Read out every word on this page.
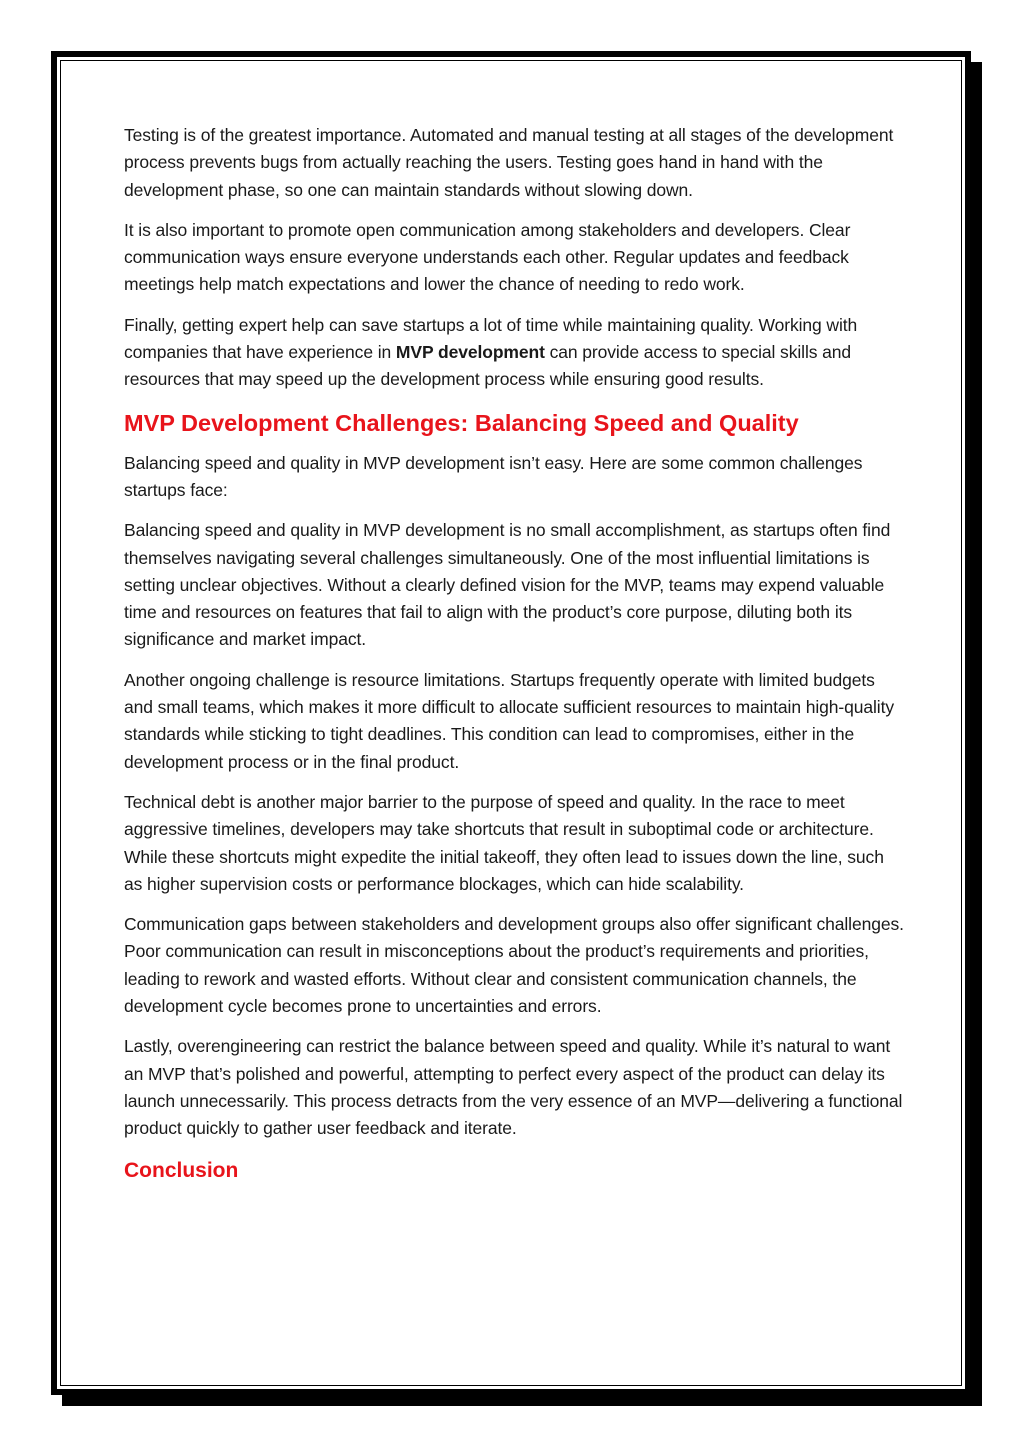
Testing is of the greatest importance. Automated and manual testing at all stages of the development process prevents bugs from actually reaching the users. Testing goes hand in hand with the development phase, so one can maintain standards without slowing down.

It is also important to promote open communication among stakeholders and developers. Clear communication ways ensure everyone understands each other. Regular updates and feedback meetings help match expectations and lower the chance of needing to redo work.

Finally, getting expert help can save startups a lot of time while maintaining quality. Working with companies that have experience in MVP development can provide access to special skills and resources that may speed up the development process while ensuring good results.

MVP Development Challenges: Balancing Speed and Quality

Balancing speed and quality in MVP development isn’t easy. Here are some common challenges startups face:

Balancing speed and quality in MVP development is no small accomplishment, as startups often find themselves navigating several challenges simultaneously. One of the most influential limitations is setting unclear objectives. Without a clearly defined vision for the MVP, teams may expend valuable time and resources on features that fail to align with the product’s core purpose, diluting both its significance and market impact.

Another ongoing challenge is resource limitations. Startups frequently operate with limited budgets and small teams, which makes it more difficult to allocate sufficient resources to maintain high-quality standards while sticking to tight deadlines. This condition can lead to compromises, either in the development process or in the final product.

Technical debt is another major barrier to the purpose of speed and quality. In the race to meet aggressive timelines, developers may take shortcuts that result in suboptimal code or architecture. While these shortcuts might expedite the initial takeoff, they often lead to issues down the line, such as higher supervision costs or performance blockages, which can hide scalability.

Communication gaps between stakeholders and development groups also offer significant challenges. Poor communication can result in misconceptions about the product’s requirements and priorities, leading to rework and wasted efforts. Without clear and consistent communication channels, the development cycle becomes prone to uncertainties and errors.

Lastly, overengineering can restrict the balance between speed and quality. While it’s natural to want an MVP that’s polished and powerful, attempting to perfect every aspect of the product can delay its launch unnecessarily. This process detracts from the very essence of an MVP—delivering a functional product quickly to gather user feedback and iterate.

Conclusion
